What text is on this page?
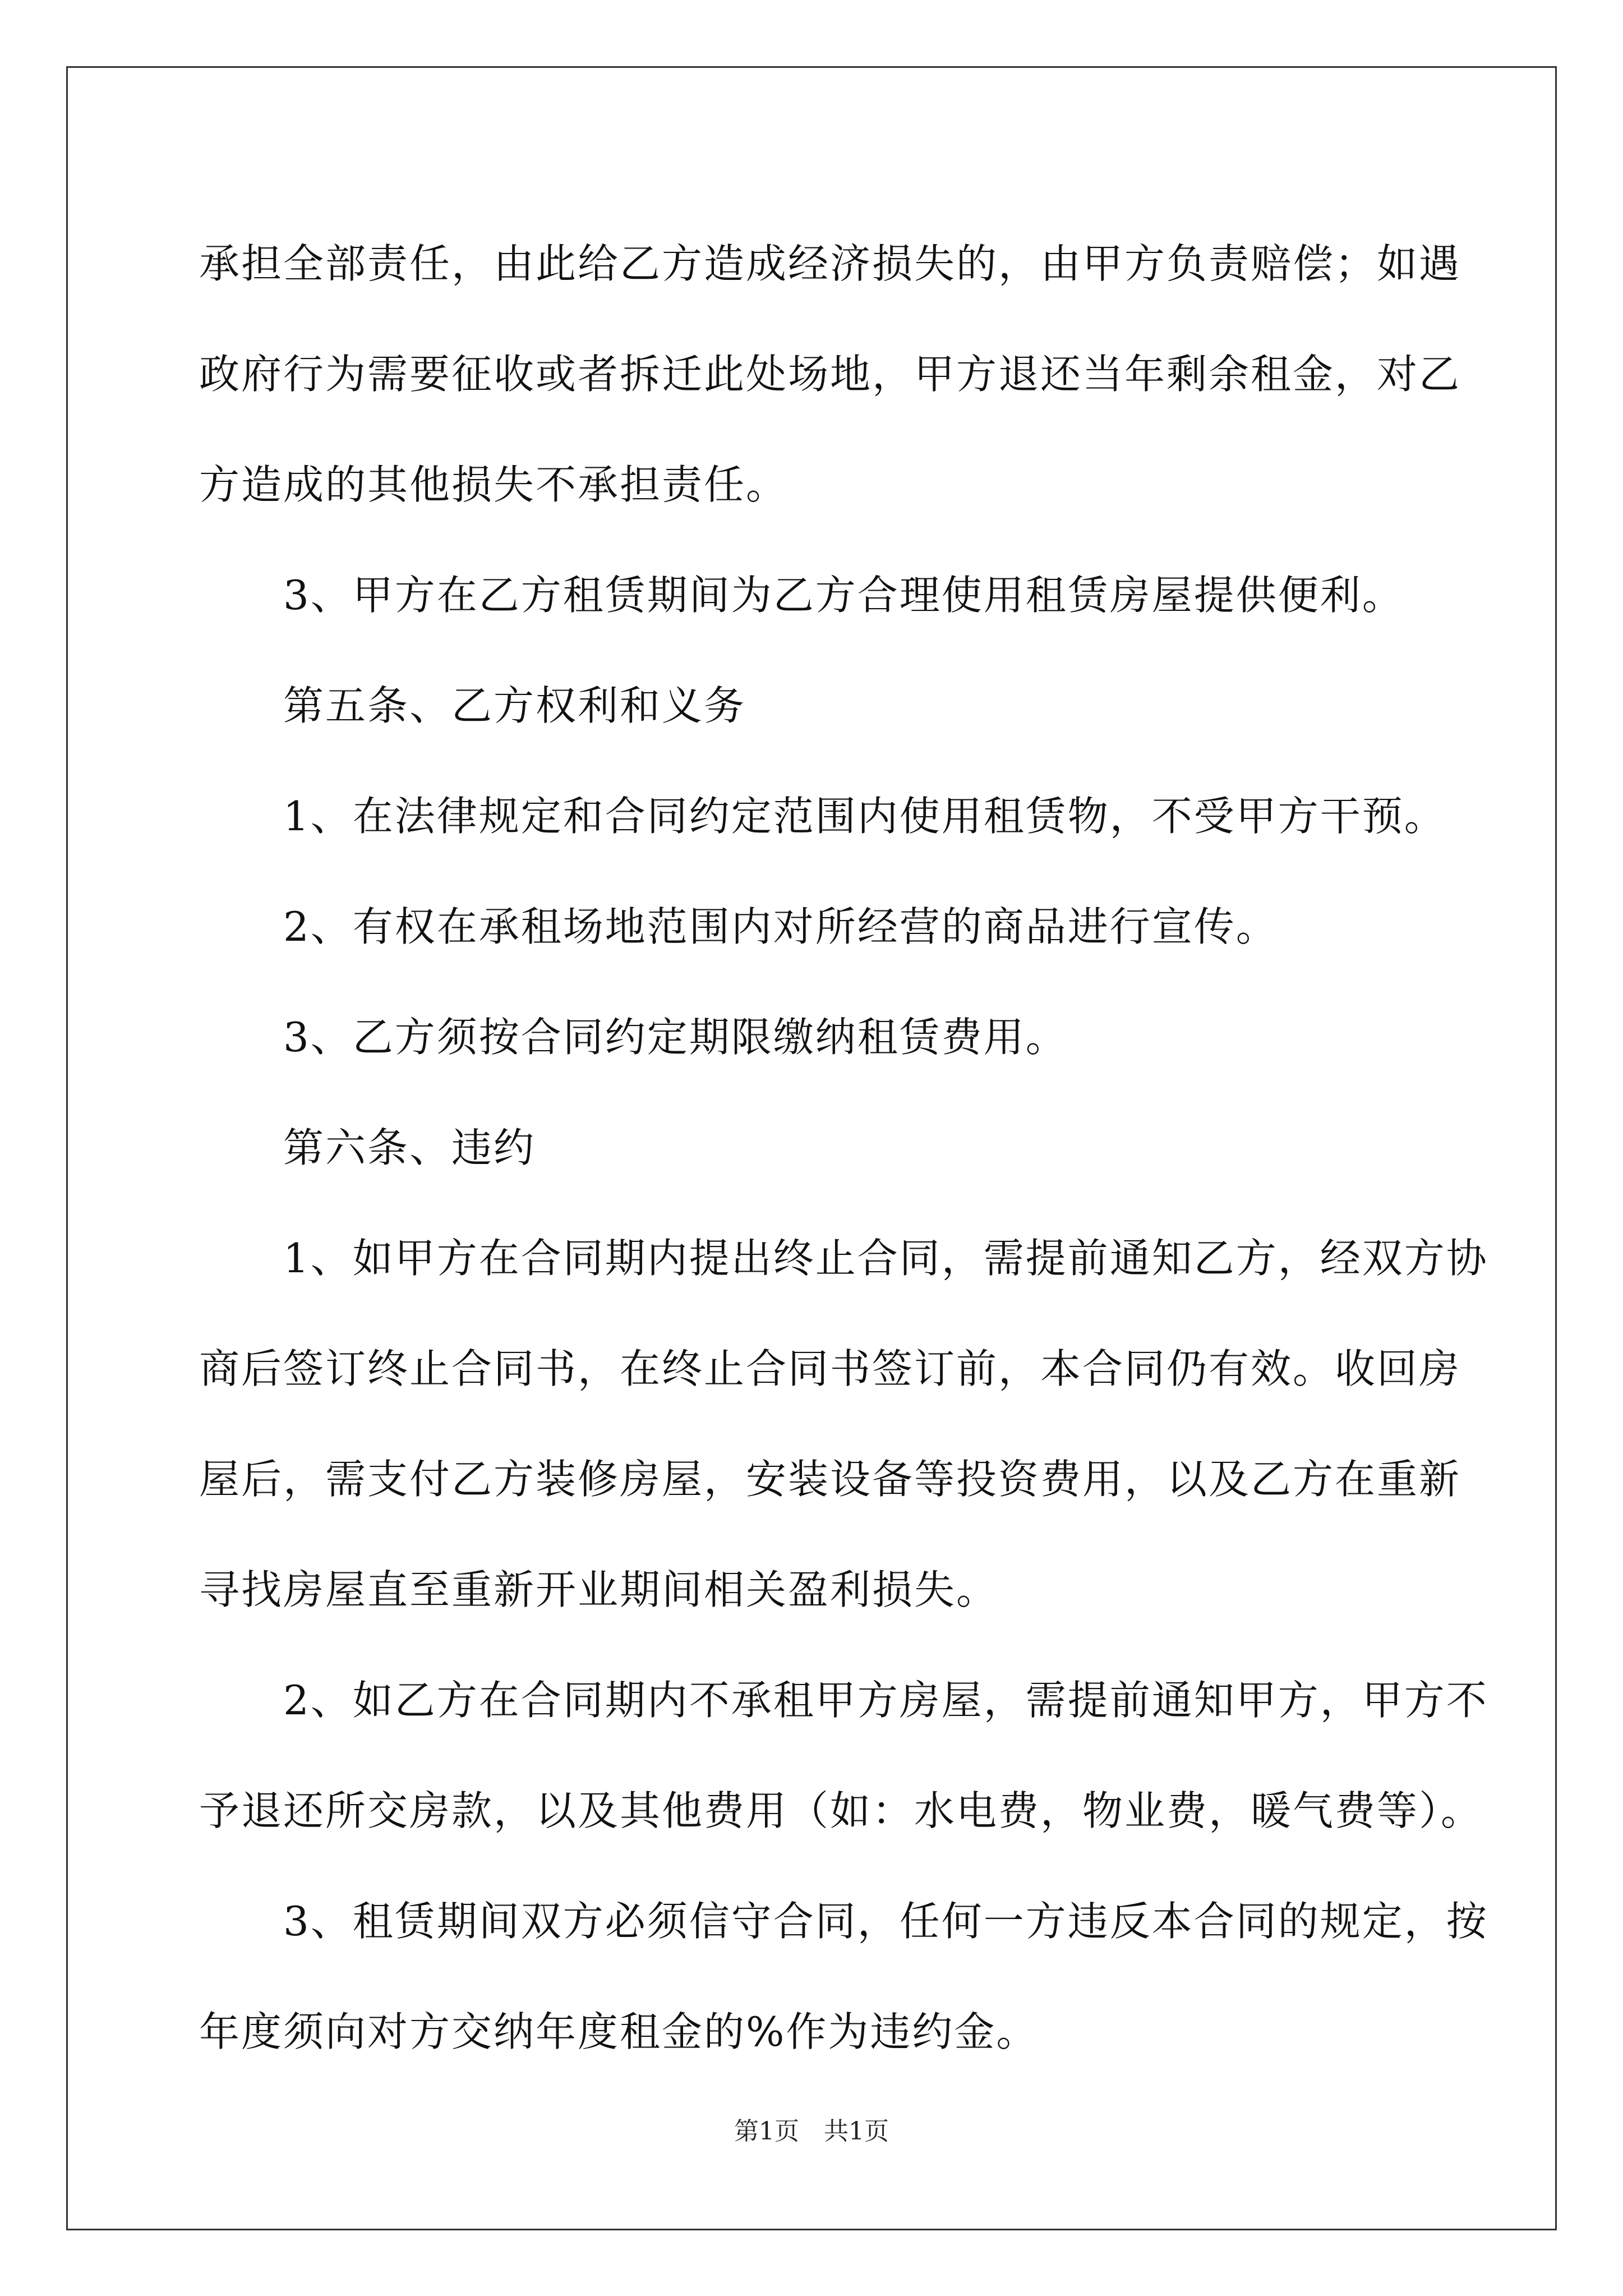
承担全部责任，由此给乙方造成经济损失的，由甲方负责赔偿；如遇

政府行为需要征收或者拆迁此处场地，甲方退还当年剩余租金，对乙

方造成的其他损失不承担责任。

　　3、甲方在乙方租赁期间为乙方合理使用租赁房屋提供便利。

　　第五条、乙方权利和义务

　　1、在法律规定和合同约定范围内使用租赁物，不受甲方干预。

　　2、有权在承租场地范围内对所经营的商品进行宣传。

　　3、乙方须按合同约定期限缴纳租赁费用。

　　第六条、违约

　　1、如甲方在合同期内提出终止合同，需提前通知乙方，经双方协

商后签订终止合同书，在终止合同书签订前，本合同仍有效。收回房

屋后，需支付乙方装修房屋，安装设备等投资费用，以及乙方在重新

寻找房屋直至重新开业期间相关盈利损失。

　　2、如乙方在合同期内不承租甲方房屋，需提前通知甲方，甲方不

予退还所交房款，以及其他费用（如：水电费，物业费，暖气费等）。

　　3、租赁期间双方必须信守合同，任何一方违反本合同的规定，按

年度须向对方交纳年度租金的%作为违约金。

第1页　共1页
